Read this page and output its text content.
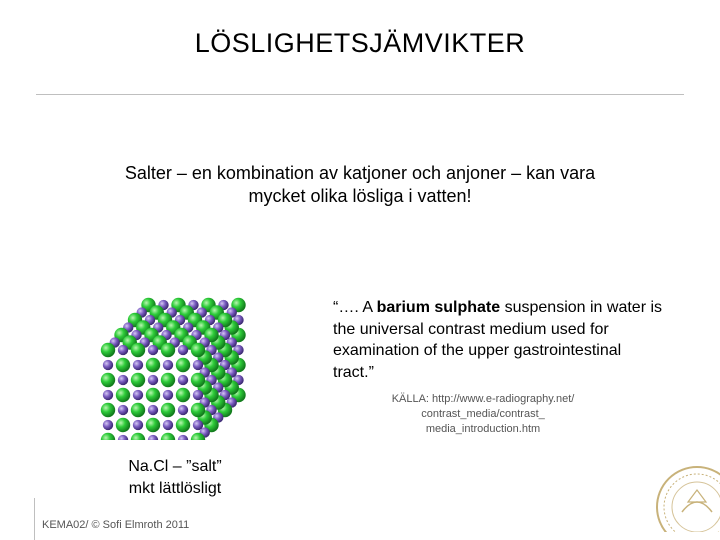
LÖSLIGHETSJÄMVIKTER
Salter – en kombination av katjoner och anjoner – kan vara
mycket olika lösliga i vatten!
“…. A barium sulphate suspension in water is the universal contrast medium used for examination of the upper gastrointestinal tract.”
KÄLLA: http://www.e-radiography.net/
contrast_media/contrast_
media_introduction.htm
Na.Cl – ”salt”
mkt lättlösligt
KEMA02/ © Sofi Elmroth 2011
